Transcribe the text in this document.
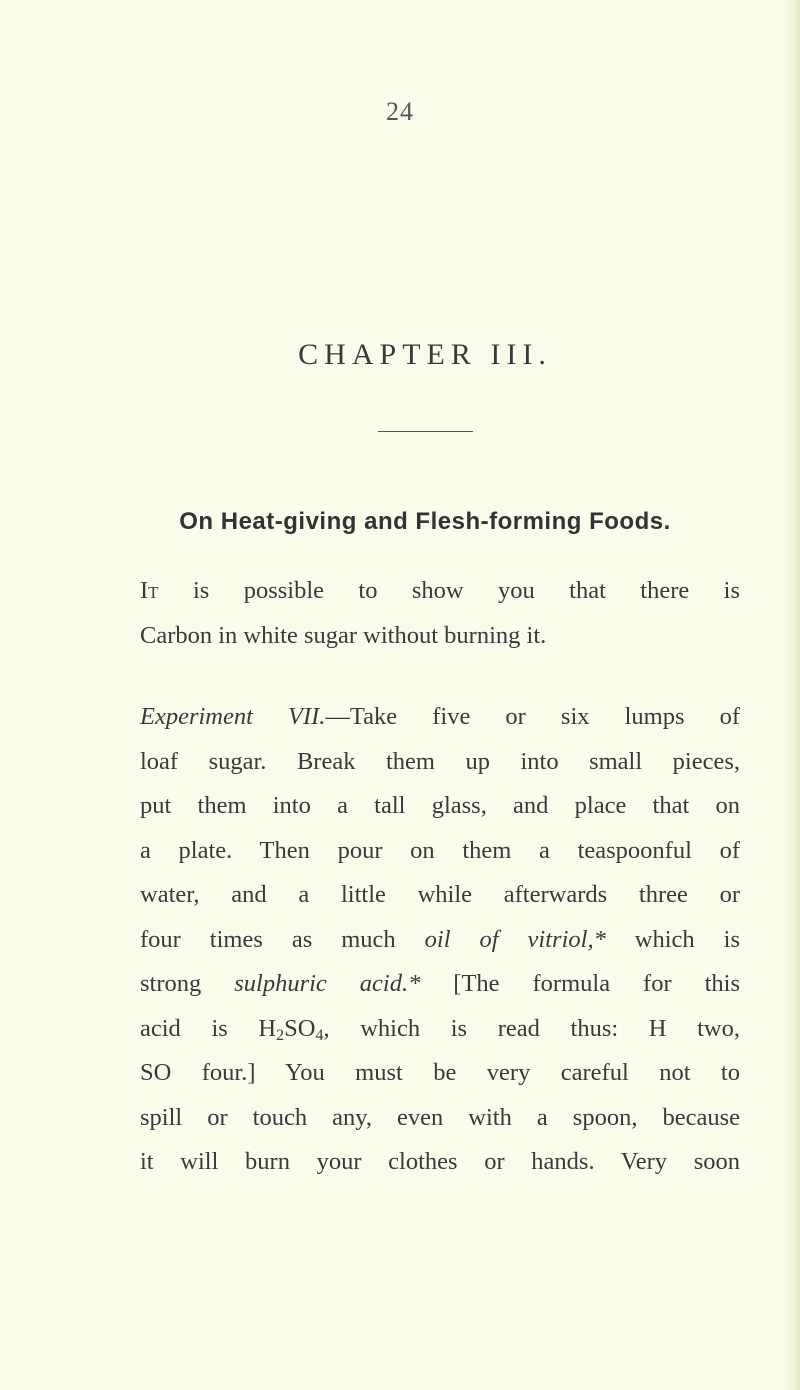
24
CHAPTER III.
On Heat-giving and Flesh-forming Foods.
It is possible to show you that there is
Carbon in white sugar without burning it.
Experiment VII.—Take five or six lumps of
loaf sugar. Break them up into small pieces,
put them into a tall glass, and place that on
a plate. Then pour on them a teaspoonful of
water, and a little while afterwards three or
four times as much oil of vitriol,* which is
strong sulphuric acid.* [The formula for this
acid is $H_2SO_4$, which is read thus: H two,
SO four.] You must be very careful not to
spill or touch any, even with a spoon, because
it will burn your clothes or hands. Very soon
